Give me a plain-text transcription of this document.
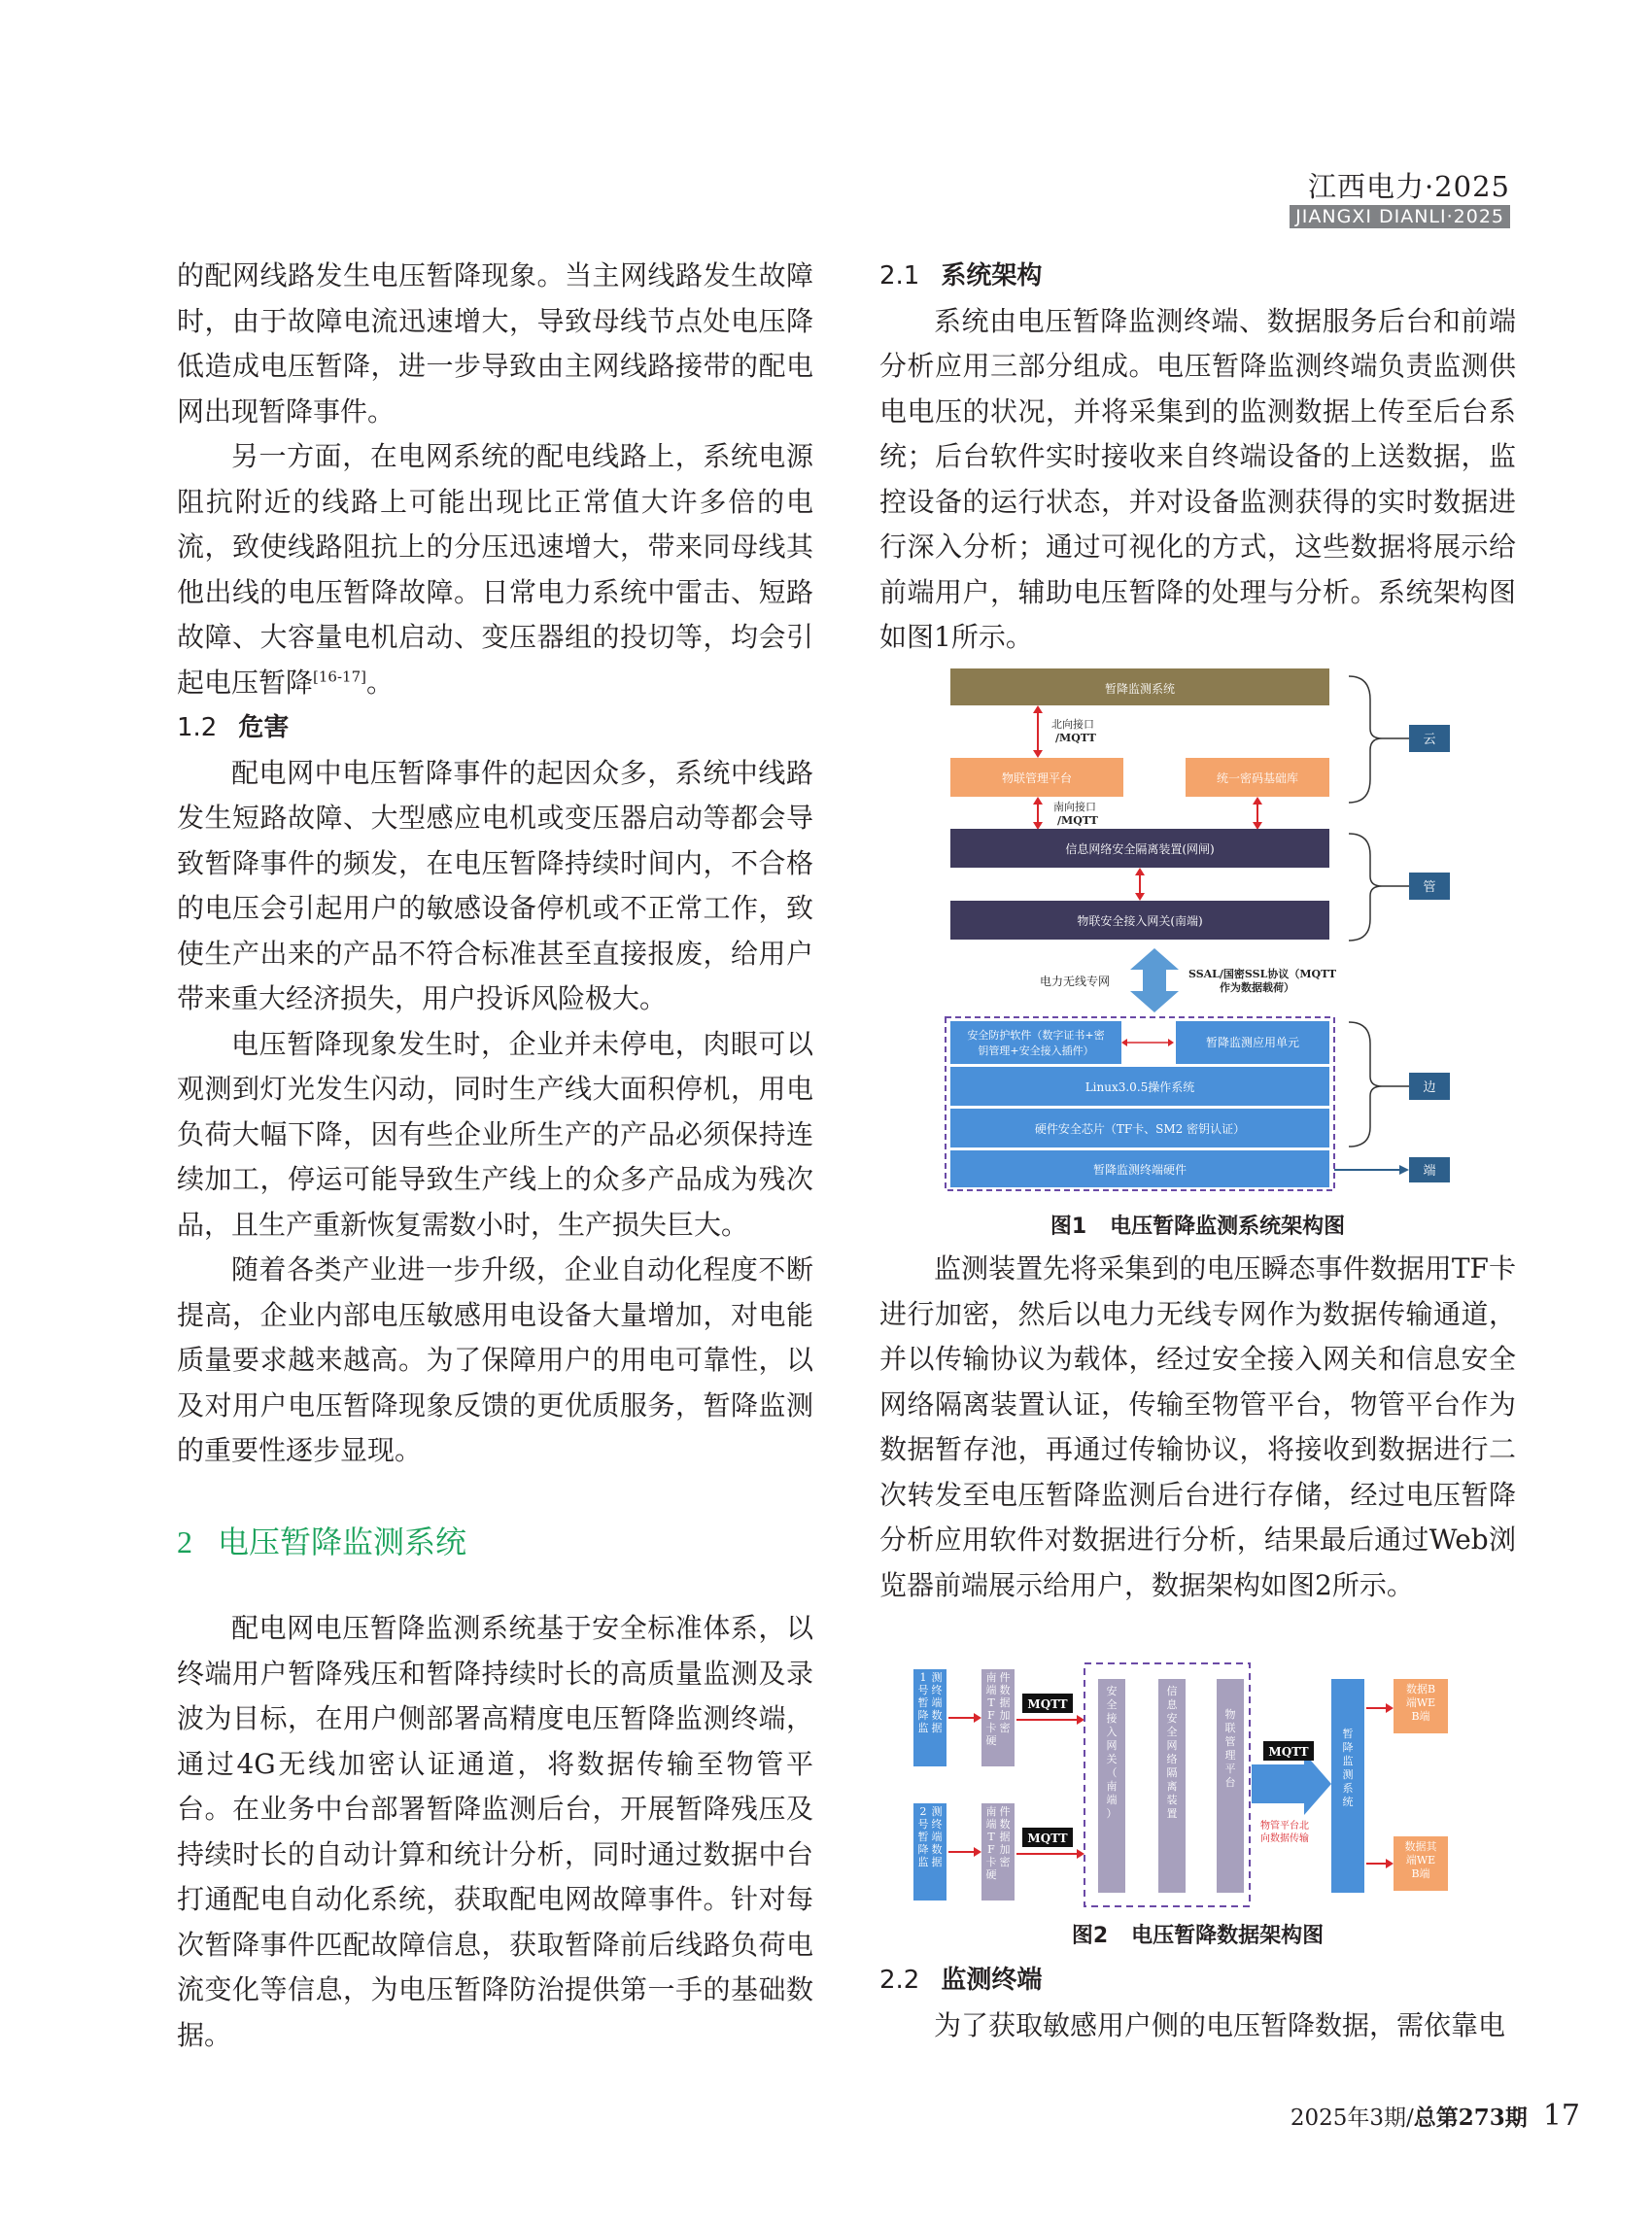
江西电力·2025
JIANGXI DIANLI·2025

的配网线路发生电压暂降现象。当主网线路发生故障时，由于故障电流迅速增大，导致母线节点处电压降低造成电压暂降，进一步导致由主网线路接带的配电网出现暂降事件。

另一方面，在电网系统的配电线路上，系统电源阻抗附近的线路上可能出现比正常值大许多倍的电流，致使线路阻抗上的分压迅速增大，带来同母线其他出线的电压暂降故障。日常电力系统中雷击、短路故障、大容量电机启动、变压器组的投切等，均会引起电压暂降[16-17]。

1.2 危害

配电网中电压暂降事件的起因众多，系统中线路发生短路故障、大型感应电机或变压器启动等都会导致暂降事件的频发，在电压暂降持续时间内，不合格的电压会引起用户的敏感设备停机或不正常工作，致使生产出来的产品不符合标准甚至直接报废，给用户带来重大经济损失，用户投诉风险极大。

电压暂降现象发生时，企业并未停电，肉眼可以观测到灯光发生闪动，同时生产线大面积停机，用电负荷大幅下降，因有些企业所生产的产品必须保持连续加工，停运可能导致生产线上的众多产品成为残次品，且生产重新恢复需数小时，生产损失巨大。

随着各类产业进一步升级，企业自动化程度不断提高，企业内部电压敏感用电设备大量增加，对电能质量要求越来越高。为了保障用户的用电可靠性，以及对用户电压暂降现象反馈的更优质服务，暂降监测的重要性逐步显现。

2 电压暂降监测系统

配电网电压暂降监测系统基于安全标准体系，以终端用户暂降残压和暂降持续时长的高质量监测及录波为目标，在用户侧部署高精度电压暂降监测终端，通过4G无线加密认证通道，将数据传输至物管平台。在业务中台部署暂降监测后台，开展暂降残压及持续时长的自动计算和统计分析，同时通过数据中台打通配电自动化系统，获取配电网故障事件。针对每次暂降事件匹配故障信息，获取暂降前后线路负荷电流变化等信息，为电压暂降防治提供第一手的基础数据。

2.1 系统架构

系统由电压暂降监测终端、数据服务后台和前端分析应用三部分组成。电压暂降监测终端负责监测供电电压的状况，并将采集到的监测数据上传至后台系统；后台软件实时接收来自终端设备的上送数据，监控设备的运行状态，并对设备监测获得的实时数据进行深入分析；通过可视化的方式，这些数据将展示给前端用户，辅助电压暂降的处理与分析。系统架构图如图1所示。

暂降监测系统
北向接口
/MQTT
物联管理平台	统一密码基础库
南向接口
/MQTT
信息网络安全隔离装置(网闸)
物联安全接入网关(南端)
电力无线专网
SSAL/国密SSL协议（MQTT
作为数据载荷）
安全防护软件（数字证书+密
钥管理+安全接入插件）
MQTT
暂降监测应用单元
Linux3.0.5操作系统
硬件安全芯片（TF卡、SM2 密钥认证）
暂降监测终端硬件
云
管
边
端
图1 电压暂降监测系统架构图

监测装置先将采集到的电压瞬态事件数据用TF卡进行加密，然后以电力无线专网作为数据传输通道，并以传输协议为载体，经过安全接入网关和信息安全网络隔离装置认证，传输至物管平台，物管平台作为数据暂存池，再通过传输协议，将接收到数据进行二次转发至电压暂降监测后台进行存储，经过电压暂降分析应用软件对数据进行分析，结果最后通过Web浏览器前端展示给用户，数据架构如图2所示。

MQTT
MQTT
MQTT
物管平台北
向数据传输
1 号暂降监测终端数据
2 号暂降监测终端数据
南端 T F 卡硬件数据加密
南端 T F 卡硬件数据加密
安全接入网关（南端）
信息安全网络隔离装置
物联管理平台
暂降监测系统
数据B 端WE B端
数据其端WE B端
图2 电压暂降数据架构图

2.2 监测终端

为了获取敏感用户侧的电压暂降数据，需依靠电

2025年3期/总第273期 17
